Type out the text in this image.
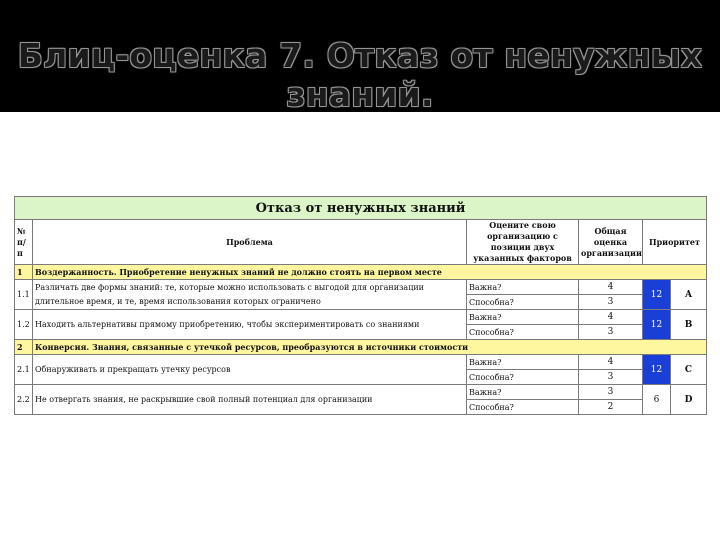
Блиц-оценка 7. Отказ от ненужных знаний.
Отказ от ненужных знаний					
№ п/п	Проблема	Оцените свою организацию с позиции двух указанных факторов	Общая оценка организации	Приоритет	
1	Воздержанность. Приобретение ненужных знаний не должно стоять на первом месте				
1.1	Различать две формы знаний: те, которые можно использовать с выгодой для организации длительное время, и те, время использования которых ограничено	Важна?	4	12	А
		Способна?	3		
1.2	Находить альтернативы прямому приобретению, чтобы экспериментировать со знаниями	Важна?	4	12	В
		Способна?	3		
2	Конверсия. Знания, связанные с утечкой ресурсов, преобразуются в источники стоимости				
2.1	Обнаруживать и прекращать утечку ресурсов	Важна?	4	12	С
		Способна?	3		
2.2	Не отвергать знания, не раскрывшие свой полный потенциал для организации	Важна?	3	6	D
		Способна?	2		
